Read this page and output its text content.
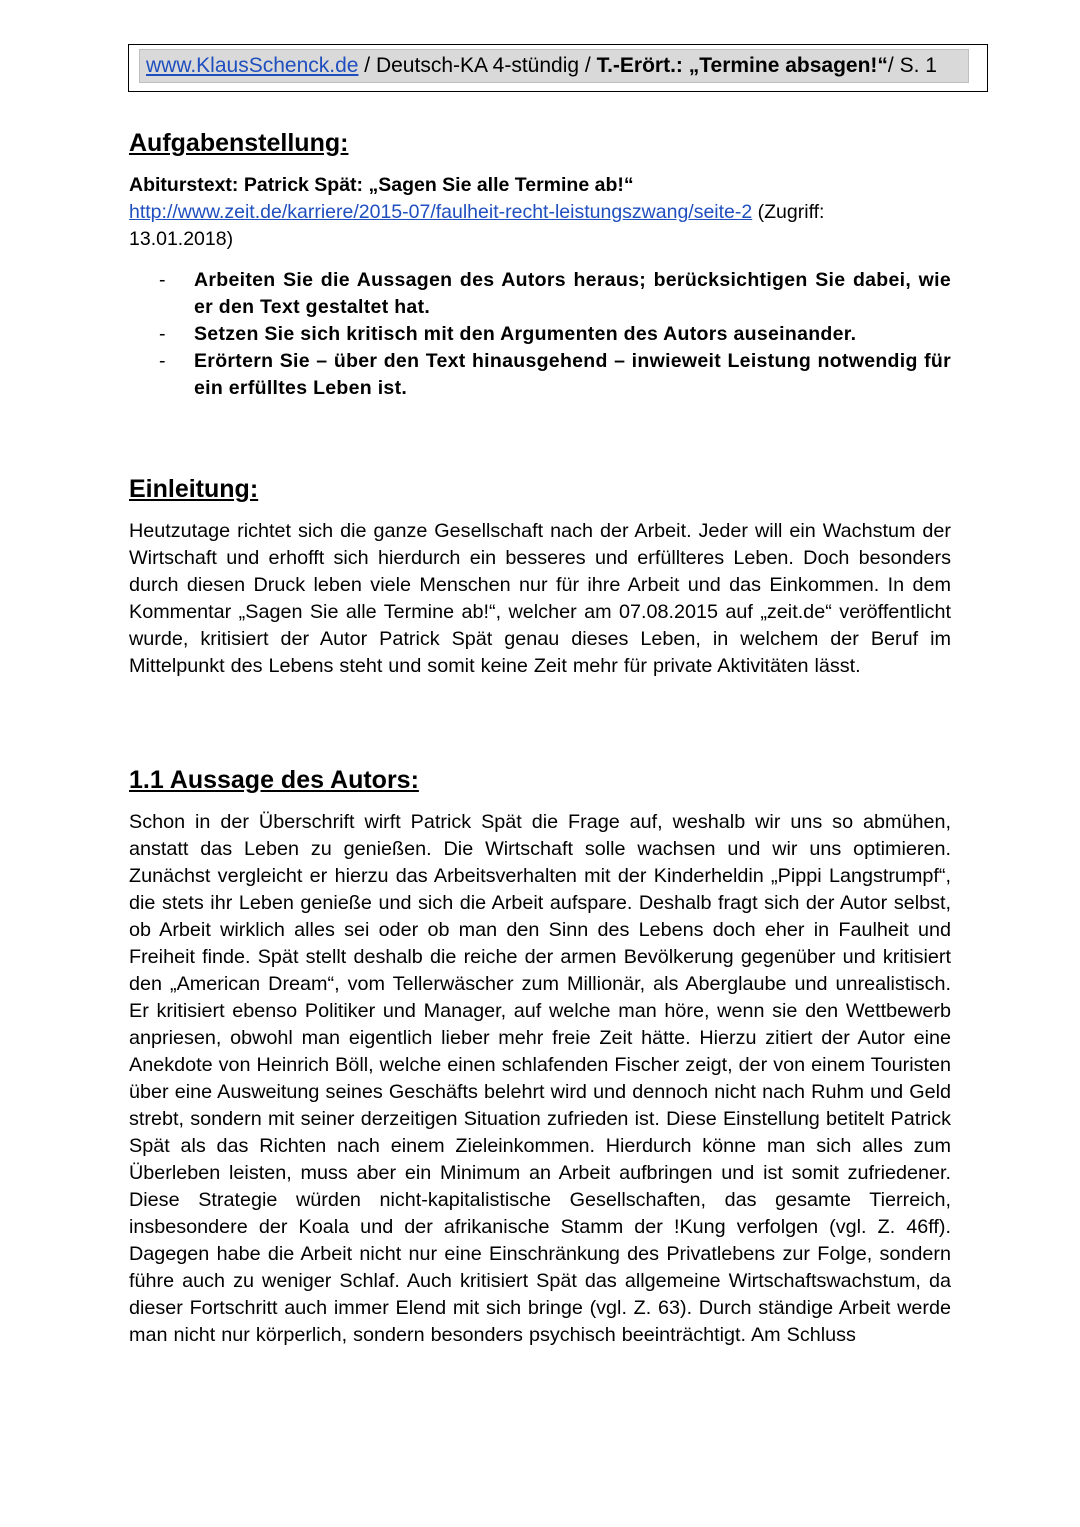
www.KlausSchenck.de / Deutsch-KA 4-stündig / T.-Erört.: „Termine absagen!“/ S. 1
Aufgabenstellung:
Abiturstext: Patrick Spät: „Sagen Sie alle Termine ab!“
http://www.zeit.de/karriere/2015-07/faulheit-recht-leistungszwang/seite-2 (Zugriff:
13.01.2018)
- Arbeiten Sie die Aussagen des Autors heraus; berücksichtigen Sie dabei, wie er den Text gestaltet hat.
- Setzen Sie sich kritisch mit den Argumenten des Autors auseinander.
- Erörtern Sie – über den Text hinausgehend – inwieweit Leistung notwendig für ein erfülltes Leben ist.
Einleitung:

Heutzutage richtet sich die ganze Gesellschaft nach der Arbeit. Jeder will ein Wachstum der Wirtschaft und erhofft sich hierdurch ein besseres und erfüllteres Leben. Doch besonders durch diesen Druck leben viele Menschen nur für ihre Arbeit und das Einkommen. In dem Kommentar „Sagen Sie alle Termine ab!“, welcher am 07.08.2015 auf „zeit.de“ veröffentlicht wurde, kritisiert der Autor Patrick Spät genau dieses Leben, in welchem der Beruf im Mittelpunkt des Lebens steht und somit keine Zeit mehr für private Aktivitäten lässt.

1.1 Aussage des Autors:

Schon in der Überschrift wirft Patrick Spät die Frage auf, weshalb wir uns so abmühen, anstatt das Leben zu genießen. Die Wirtschaft solle wachsen und wir uns optimieren. Zunächst vergleicht er hierzu das Arbeitsverhalten mit der Kinderheldin „Pippi Langstrumpf“, die stets ihr Leben genieße und sich die Arbeit aufspare. Deshalb fragt sich der Autor selbst, ob Arbeit wirklich alles sei oder ob man den Sinn des Lebens doch eher in Faulheit und Freiheit finde. Spät stellt deshalb die reiche der armen Bevölkerung gegenüber und kritisiert den „American Dream“, vom Tellerwäscher zum Millionär, als Aberglaube und unrealistisch. Er kritisiert ebenso Politiker und Manager, auf welche man höre, wenn sie den Wettbewerb anpriesen, obwohl man eigentlich lieber mehr freie Zeit hätte. Hierzu zitiert der Autor eine Anekdote von Heinrich Böll, welche einen schlafenden Fischer zeigt, der von einem Touristen über eine Ausweitung seines Geschäfts belehrt wird und dennoch nicht nach Ruhm und Geld strebt, sondern mit seiner derzeitigen Situation zufrieden ist. Diese Einstellung betitelt Patrick Spät als das Richten nach einem Zieleinkommen. Hierdurch könne man sich alles zum Überleben leisten, muss aber ein Minimum an Arbeit aufbringen und ist somit zufriedener. Diese Strategie würden nicht-kapitalistische Gesellschaften, das gesamte Tierreich, insbesondere der Koala und der afrikanische Stamm der !Kung verfolgen (vgl. Z. 46ff). Dagegen habe die Arbeit nicht nur eine Einschränkung des Privatlebens zur Folge, sondern führe auch zu weniger Schlaf. Auch kritisiert Spät das allgemeine Wirtschaftswachstum, da dieser Fortschritt auch immer Elend mit sich bringe (vgl. Z. 63). Durch ständige Arbeit werde man nicht nur körperlich, sondern besonders psychisch beeinträchtigt. Am Schluss
